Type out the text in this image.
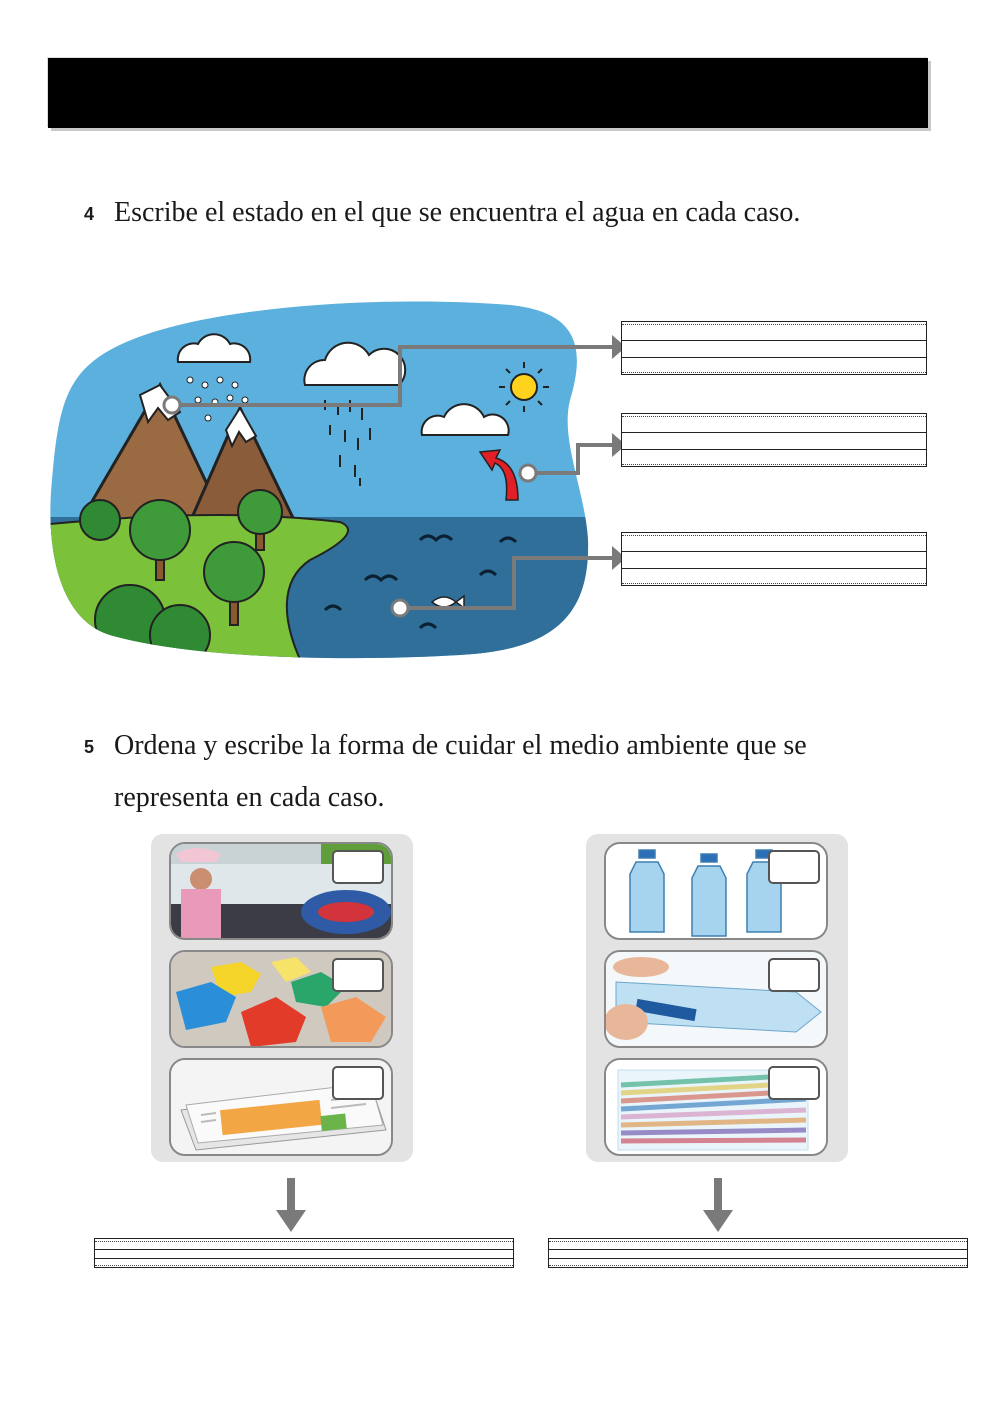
4 Escribe el estado en el que se encuentra el agua en cada caso.
5 Ordena y escribe la forma de cuidar el medio ambiente que se
representa en cada caso.
